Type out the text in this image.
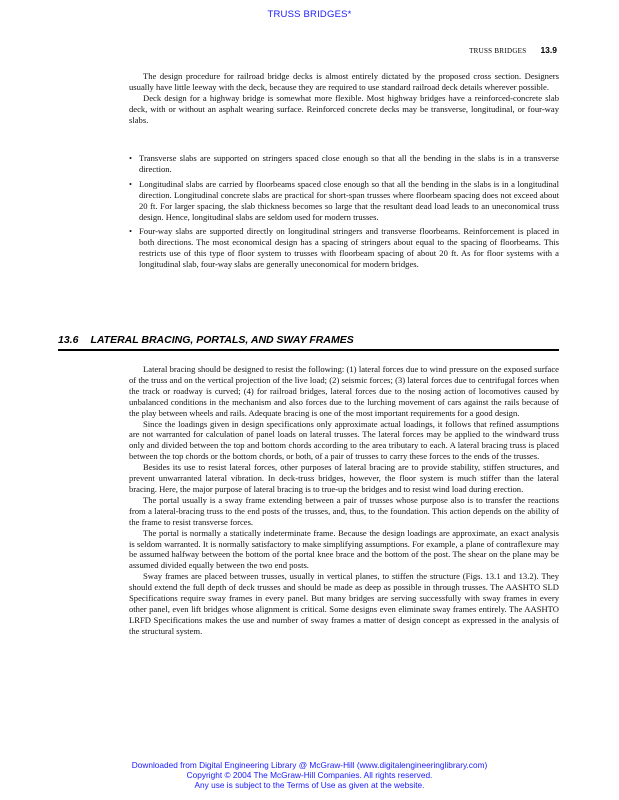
TRUSS BRIDGES*
TRUSS BRIDGES 13.9

The design procedure for railroad bridge decks is almost entirely dictated by the proposed cross section. Designers usually have little leeway with the deck, because they are required to use standard railroad deck details wherever possible.

Deck design for a highway bridge is somewhat more flexible. Most highway bridges have a reinforced-concrete slab deck, with or without an asphalt wearing surface. Reinforced concrete decks may be transverse, longitudinal, or four-way slabs.

• Transverse slabs are supported on stringers spaced close enough so that all the bending in the slabs is in a transverse direction.
• Longitudinal slabs are carried by floorbeams spaced close enough so that all the bending in the slabs is in a longitudinal direction. Longitudinal concrete slabs are practical for short-span trusses where floorbeam spacing does not exceed about 20 ft. For larger spacing, the slab thickness becomes so large that the resultant dead load leads to an uneconomical truss design. Hence, longitudinal slabs are seldom used for modern trusses.
• Four-way slabs are supported directly on longitudinal stringers and transverse floorbeams. Reinforcement is placed in both directions. The most economical design has a spacing of stringers about equal to the spacing of floorbeams. This restricts use of this type of floor system to trusses with floorbeam spacing of about 20 ft. As for floor systems with a longitudinal slab, four-way slabs are generally uneconomical for modern bridges.
13.6 LATERAL BRACING, PORTALS, AND SWAY FRAMES

Lateral bracing should be designed to resist the following: (1) lateral forces due to wind pressure on the exposed surface of the truss and on the vertical projection of the live load; (2) seismic forces; (3) lateral forces due to centrifugal forces when the track or roadway is curved; (4) for railroad bridges, lateral forces due to the nosing action of locomotives caused by unbalanced conditions in the mechanism and also forces due to the lurching movement of cars against the rails because of the play between wheels and rails. Adequate bracing is one of the most important requirements for a good design.

Since the loadings given in design specifications only approximate actual loadings, it follows that refined assumptions are not warranted for calculation of panel loads on lateral trusses. The lateral forces may be applied to the windward truss only and divided between the top and bottom chords according to the area tributary to each. A lateral bracing truss is placed between the top chords or the bottom chords, or both, of a pair of trusses to carry these forces to the ends of the trusses.

Besides its use to resist lateral forces, other purposes of lateral bracing are to provide stability, stiffen structures, and prevent unwarranted lateral vibration. In deck-truss bridges, however, the floor system is much stiffer than the lateral bracing. Here, the major purpose of lateral bracing is to true-up the bridges and to resist wind load during erection.

The portal usually is a sway frame extending between a pair of trusses whose purpose also is to transfer the reactions from a lateral-bracing truss to the end posts of the trusses, and, thus, to the foundation. This action depends on the ability of the frame to resist transverse forces.

The portal is normally a statically indeterminate frame. Because the design loadings are approximate, an exact analysis is seldom warranted. It is normally satisfactory to make simplifying assumptions. For example, a plane of contraflexure may be assumed halfway between the bottom of the portal knee brace and the bottom of the post. The shear on the plane may be assumed divided equally between the two end posts.

Sway frames are placed between trusses, usually in vertical planes, to stiffen the structure (Figs. 13.1 and 13.2). They should extend the full depth of deck trusses and should be made as deep as possible in through trusses. The AASHTO SLD Specifications require sway frames in every panel. But many bridges are serving successfully with sway frames in every other panel, even lift bridges whose alignment is critical. Some designs even eliminate sway frames entirely. The AASHTO LRFD Specifications makes the use and number of sway frames a matter of design concept as expressed in the analysis of the structural system.

Downloaded from Digital Engineering Library @ McGraw-Hill (www.digitalengineeringlibrary.com)
Copyright © 2004 The McGraw-Hill Companies. All rights reserved.
Any use is subject to the Terms of Use as given at the website.
